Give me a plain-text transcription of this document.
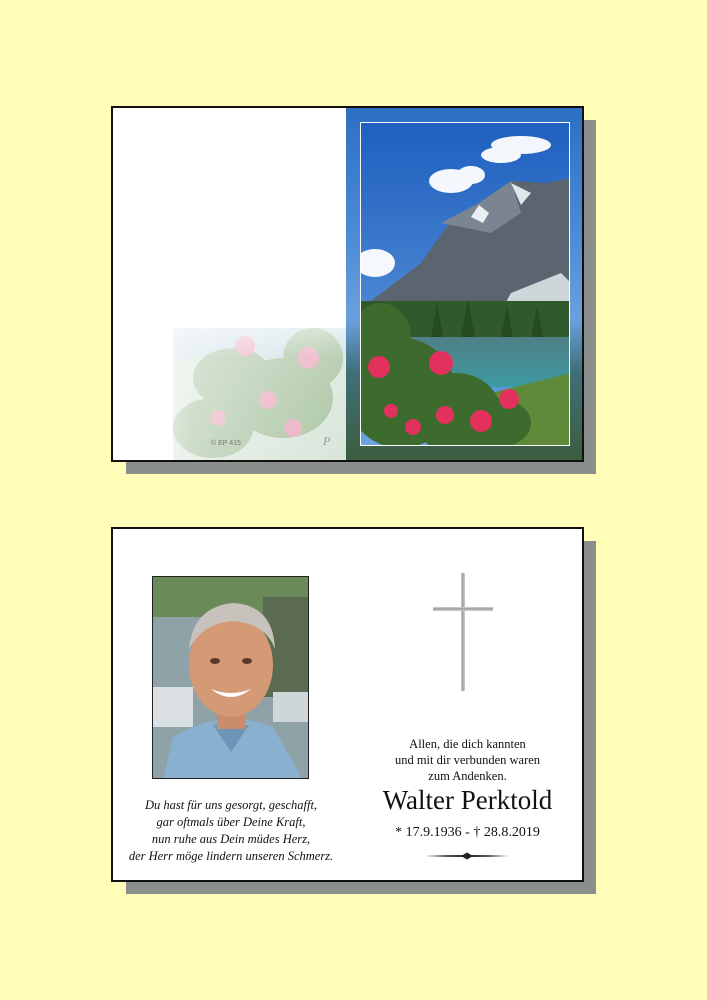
© EP 415	P
Du hast für uns gesorgt, geschafft,
gar oftmals über Deine Kraft,
nun ruhe aus Dein müdes Herz,
der Herr möge lindern unseren Schmerz.
Allen, die dich kannten
und mit dir verbunden waren
zum Andenken.
Walter Perktold
* 17.9.1936 - † 28.8.2019
